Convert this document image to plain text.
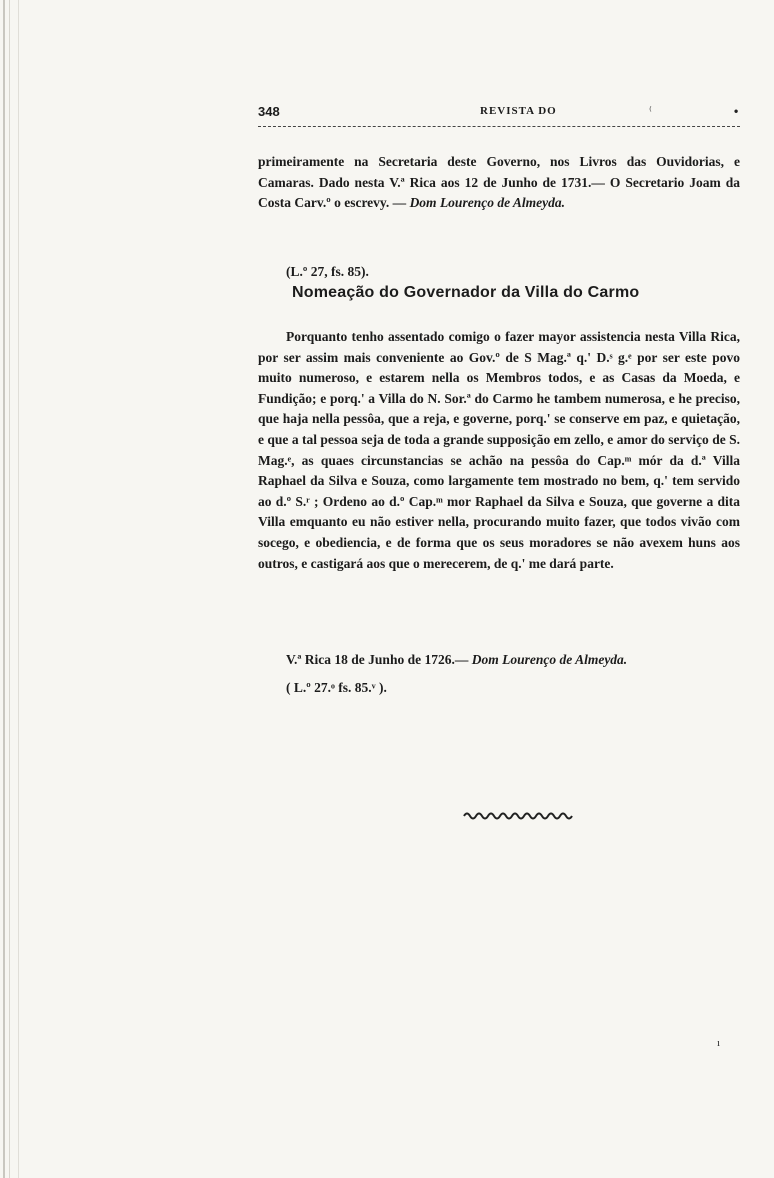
348	REVISTA DO	⁽	•

primeiramente na Secretaria deste Governo, nos Livros das Ouvidorias, e Camaras. Dado nesta V.ª Rica aos 12 de Junho de 1731.— O Secretario Joam da Costa Carv.º o escrevy. — Dom Lourenço de Almeyda.

(L.º 27, fs. 85).
Nomeação do Governador da Villa do Carmo

Porquanto tenho assentado comigo o fazer mayor assistencia nesta Villa Rica, por ser assim mais conveniente ao Gov.º de S Mag.ª q.' D.ˢ g.ᵉ por ser este povo muito numeroso, e estarem nella os Membros todos, e as Casas da Moeda, e Fundição; e porq.' a Villa do N. Sor.ª do Carmo he tambem numerosa, e he preciso, que haja nella pessôa, que a reja, e governe, porq.' se conserve em paz, e quietação, e que a tal pessoa seja de toda a grande supposição em zello, e amor do serviço de S. Mag.ᵉ, as quaes circunstancias se achão na pessôa do Cap.ᵐ mór da d.ª Villa Raphael da Silva e Souza, como largamente tem mostrado no bem, q.' tem servido ao d.º S.ʳ ; Ordeno ao d.º Cap.ᵐ mor Raphael da Silva e Souza, que governe a dita Villa emquanto eu não estiver nella, procurando muito fazer, que todos vivão com socego, e obediencia, e de forma que os seus moradores se não avexem huns aos outros, e castigará aos que o merecerem, de q.' me dará parte.

V.ª Rica 18 de Junho de 1726.— Dom Lourenço de Almeyda.
( L.º 27.ᵒ fs. 85.ᵛ ).
ı
